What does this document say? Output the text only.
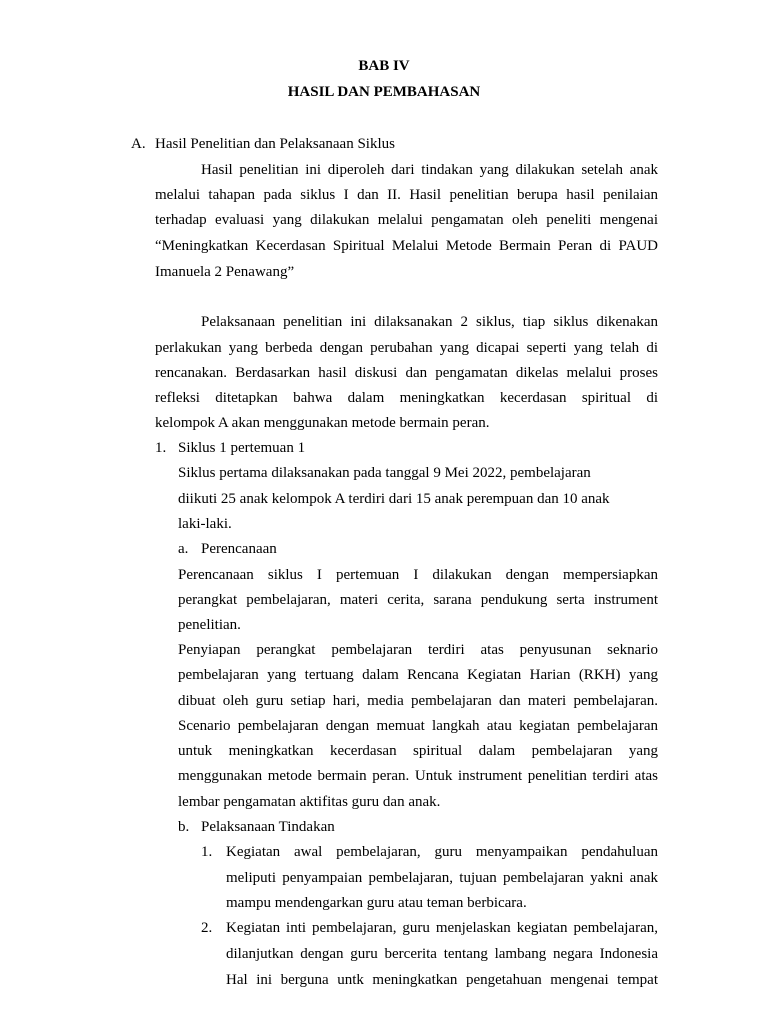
BAB IV
HASIL DAN PEMBAHASAN
A. Hasil Penelitian dan Pelaksanaan Siklus
Hasil penelitian ini diperoleh dari tindakan yang dilakukan setelah anak
melalui tahapan pada siklus I dan II. Hasil penelitian berupa hasil penilaian
terhadap evaluasi yang dilakukan melalui pengamatan oleh peneliti mengenai
“Meningkatkan Kecerdasan Spiritual Melalui Metode Bermain Peran di PAUD
Imanuela 2 Penawang”
Pelaksanaan penelitian ini dilaksanakan 2 siklus, tiap siklus dikenakan
perlakukan yang berbeda dengan perubahan yang dicapai seperti yang telah di
rencanakan. Berdasarkan hasil diskusi dan pengamatan dikelas melalui proses
refleksi ditetapkan bahwa dalam meningkatkan kecerdasan spiritual di
kelompok A akan menggunakan metode bermain peran.
1. Siklus 1 pertemuan 1
Siklus pertama dilaksanakan pada tanggal 9 Mei 2022, pembelajaran
diikuti 25 anak kelompok A terdiri dari 15 anak perempuan dan 10 anak
laki-laki.
a. Perencanaan
Perencanaan siklus I pertemuan I dilakukan dengan mempersiapkan
perangkat pembelajaran, materi cerita, sarana pendukung serta instrument
penelitian.
Penyiapan perangkat pembelajaran terdiri atas penyusunan seknario
pembelajaran yang tertuang dalam Rencana Kegiatan Harian (RKH) yang
dibuat oleh guru setiap hari, media pembelajaran dan materi pembelajaran.
Scenario pembelajaran dengan memuat langkah atau kegiatan pembelajaran
untuk meningkatkan kecerdasan spiritual dalam pembelajaran yang
menggunakan metode bermain peran. Untuk instrument penelitian terdiri atas
lembar pengamatan aktifitas guru dan anak.
b. Pelaksanaan Tindakan
1. Kegiatan awal pembelajaran, guru menyampaikan pendahuluan
meliputi penyampaian pembelajaran, tujuan pembelajaran yakni anak
mampu mendengarkan guru atau teman berbicara.
2. Kegiatan inti pembelajaran, guru menjelaskan kegiatan pembelajaran,
dilanjutkan dengan guru bercerita tentang lambang negara Indonesia
Hal ini berguna untk meningkatkan pengetahuan mengenai tempat
